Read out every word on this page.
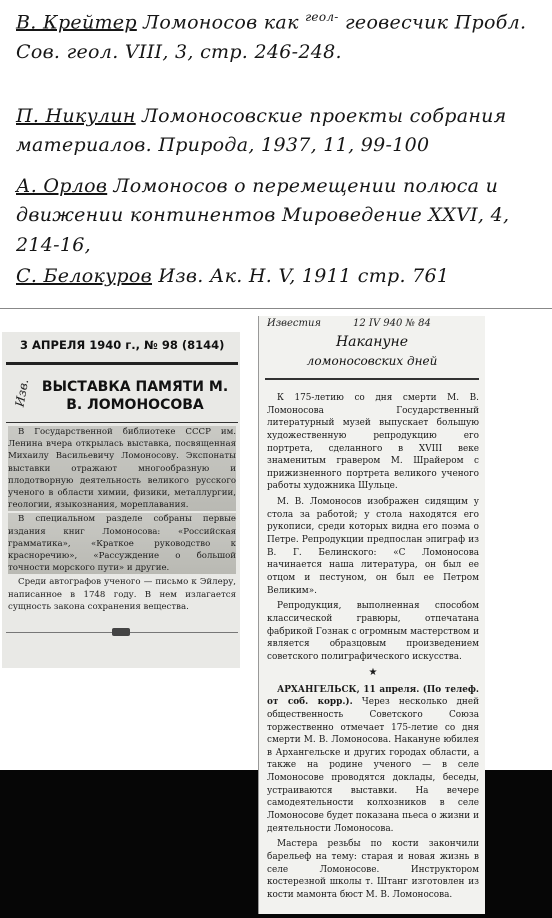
В. Крейтер Ломоносов как $^{геол-}$ геовесчик Пробл. Сов. геол. VIII, 3, стр. 246-248.
П. Никулин Ломоносовские проекты собрания материалов. Природа, 1937, 11, 99-100
А. Орлов Ломоносов о перемещении полюса и движении континентов Мироведение XXVI, 4, 214-16,
С. Белокуров Изв. Ак. Н. V, 1911 стр. 761
3 АПРЕЛЯ 1940 г., № 98 (8144)
Изв. ВЫСТАВКА ПАМЯТИ М. В. ЛОМОНОСОВА

В Государственной библиотеке СССР им. Ленина вчера открылась выставка, посвященная Михаилу Васильевичу Ломоносову. Экспонаты выставки отражают многообразную и плодотворную деятельность великого русского ученого в области химии, физики, металлургии, геологии, языкознания, мореплавания.

В специальном разделе собраны первые издания книг Ломоносова: «Российская грамматика», «Краткое руководство к красноречию», «Рассуждение о большой точности морского пути» и другие.

Среди автографов ученого — письмо к Эйлеру, написанное в 1748 году. В нем излагается сущность закона сохранения вещества.

Известия	12 IV 940 № 84
Накануне
ломоносовских дней

К 175-летию со дня смерти М. В. Ломоносова Государственный литературный музей выпускает большую художественную репродукцию его портрета, сделанного в XVIII веке знаменитым гравером М. Шрайером с прижизненного портрета великого ученого работы художника Шульце.

М. В. Ломоносов изображен сидящим у стола за работой; у стола находятся его рукописи, среди которых видна его поэма о Петре. Репродукции предпослан эпиграф из В. Г. Белинского: «С Ломоносова начинается наша литература, он был ее отцом и пестуном, он был ее Петром Великим».

Репродукция, выполненная способом классической гравюры, отпечатана фабрикой Гознак с огромным мастерством и является образцовым произведением советского полиграфического искусства.

★

АРХАНГЕЛЬСК, 11 апреля. (По телеф. от соб. корр.). Через несколько дней общественность Советского Союза торжественно отмечает 175-летие со дня смерти М. В. Ломоносова. Накануне юбилея в Архангельске и других городах области, а также на родине ученого — в селе Ломоносове проводятся доклады, беседы, устраиваются выставки. На вечере самодеятельности колхозников в селе Ломоносове будет показана пьеса о жизни и деятельности Ломоносова.

Мастера резьбы по кости закончили барельеф на тему: старая и новая жизнь в селе Ломоносове. Инструктором костерезной школы т. Штанг изготовлен из кости мамонта бюст М. В. Ломоносова.
